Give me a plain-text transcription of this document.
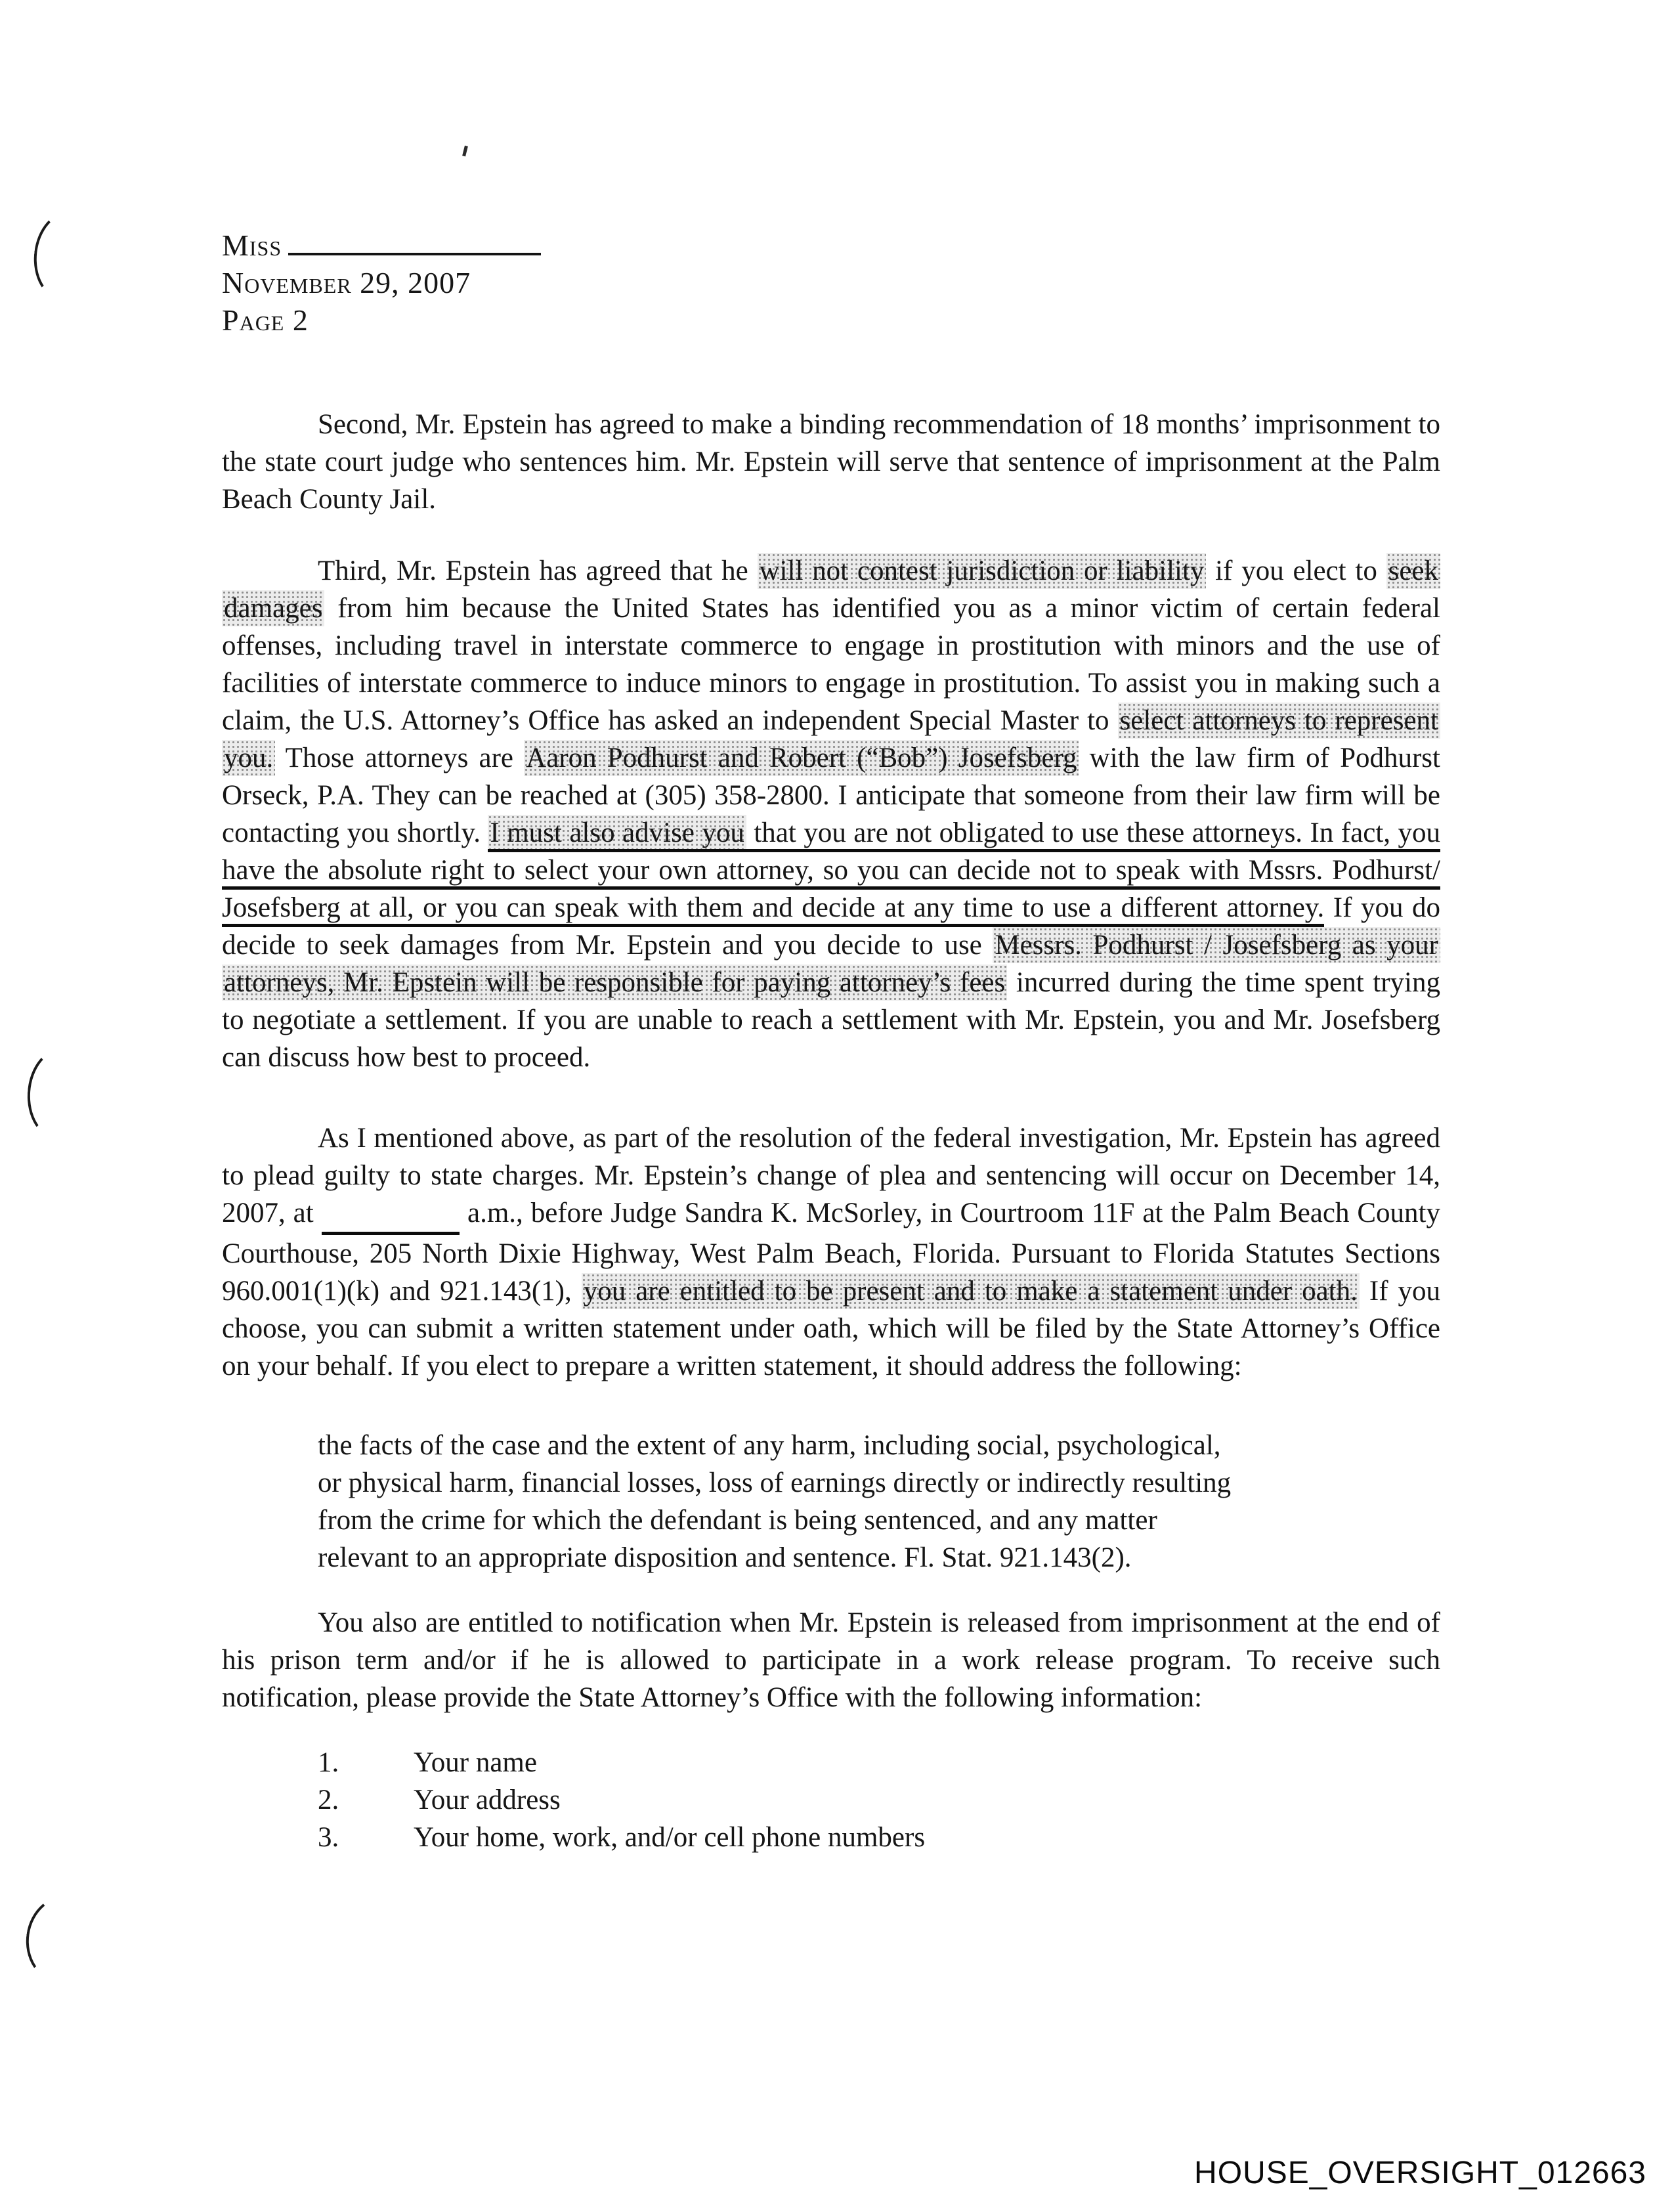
Miss
November 29, 2007
Page 2

Second, Mr. Epstein has agreed to make a binding recommendation of 18 months’ imprisonment to the state court judge who sentences him. Mr. Epstein will serve that sentence of imprisonment at the Palm Beach County Jail.

Third, Mr. Epstein has agreed that he will not contest jurisdiction or liability if you elect to seek damages from him because the United States has identified you as a minor victim of certain federal offenses, including travel in interstate commerce to engage in prostitution with minors and the use of facilities of interstate commerce to induce minors to engage in prostitution. To assist you in making such a claim, the U.S. Attorney’s Office has asked an independent Special Master to select attorneys to represent you. Those attorneys are Aaron Podhurst and Robert (“Bob”) Josefsberg with the law firm of Podhurst Orseck, P.A. They can be reached at (305) 358-2800. I anticipate that someone from their law firm will be contacting you shortly. I must also advise you that you are not obligated to use these attorneys. In fact, you have the absolute right to select your own attorney, so you can decide not to speak with Mssrs. Podhurst/ Josefsberg at all, or you can speak with them and decide at any time to use a different attorney. If you do decide to seek damages from Mr. Epstein and you decide to use Messrs. Podhurst / Josefsberg as your attorneys, Mr. Epstein will be responsible for paying attorney’s fees incurred during the time spent trying to negotiate a settlement. If you are unable to reach a settlement with Mr. Epstein, you and Mr. Josefsberg can discuss how best to proceed.

As I mentioned above, as part of the resolution of the federal investigation, Mr. Epstein has agreed to plead guilty to state charges. Mr. Epstein’s change of plea and sentencing will occur on December 14, 2007, at	a.m., before Judge Sandra K. McSorley, in Courtroom 11F at the Palm Beach County Courthouse, 205 North Dixie Highway, West Palm Beach, Florida. Pursuant to Florida Statutes Sections 960.001(1)(k) and 921.143(1), you are entitled to be present and to make a statement under oath. If you choose, you can submit a written statement under oath, which will be filed by the State Attorney’s Office on your behalf. If you elect to prepare a written statement, it should address the following:

the facts of the case and the extent of any harm, including social, psychological, or physical harm, financial losses, loss of earnings directly or indirectly resulting from the crime for which the defendant is being sentenced, and any matter relevant to an appropriate disposition and sentence. Fl. Stat. 921.143(2).

You also are entitled to notification when Mr. Epstein is released from imprisonment at the end of his prison term and/or if he is allowed to participate in a work release program. To receive such notification, please provide the State Attorney’s Office with the following information:

1.	Your name
2.	Your address
3.	Your home, work, and/or cell phone numbers
HOUSE_OVERSIGHT_012663
